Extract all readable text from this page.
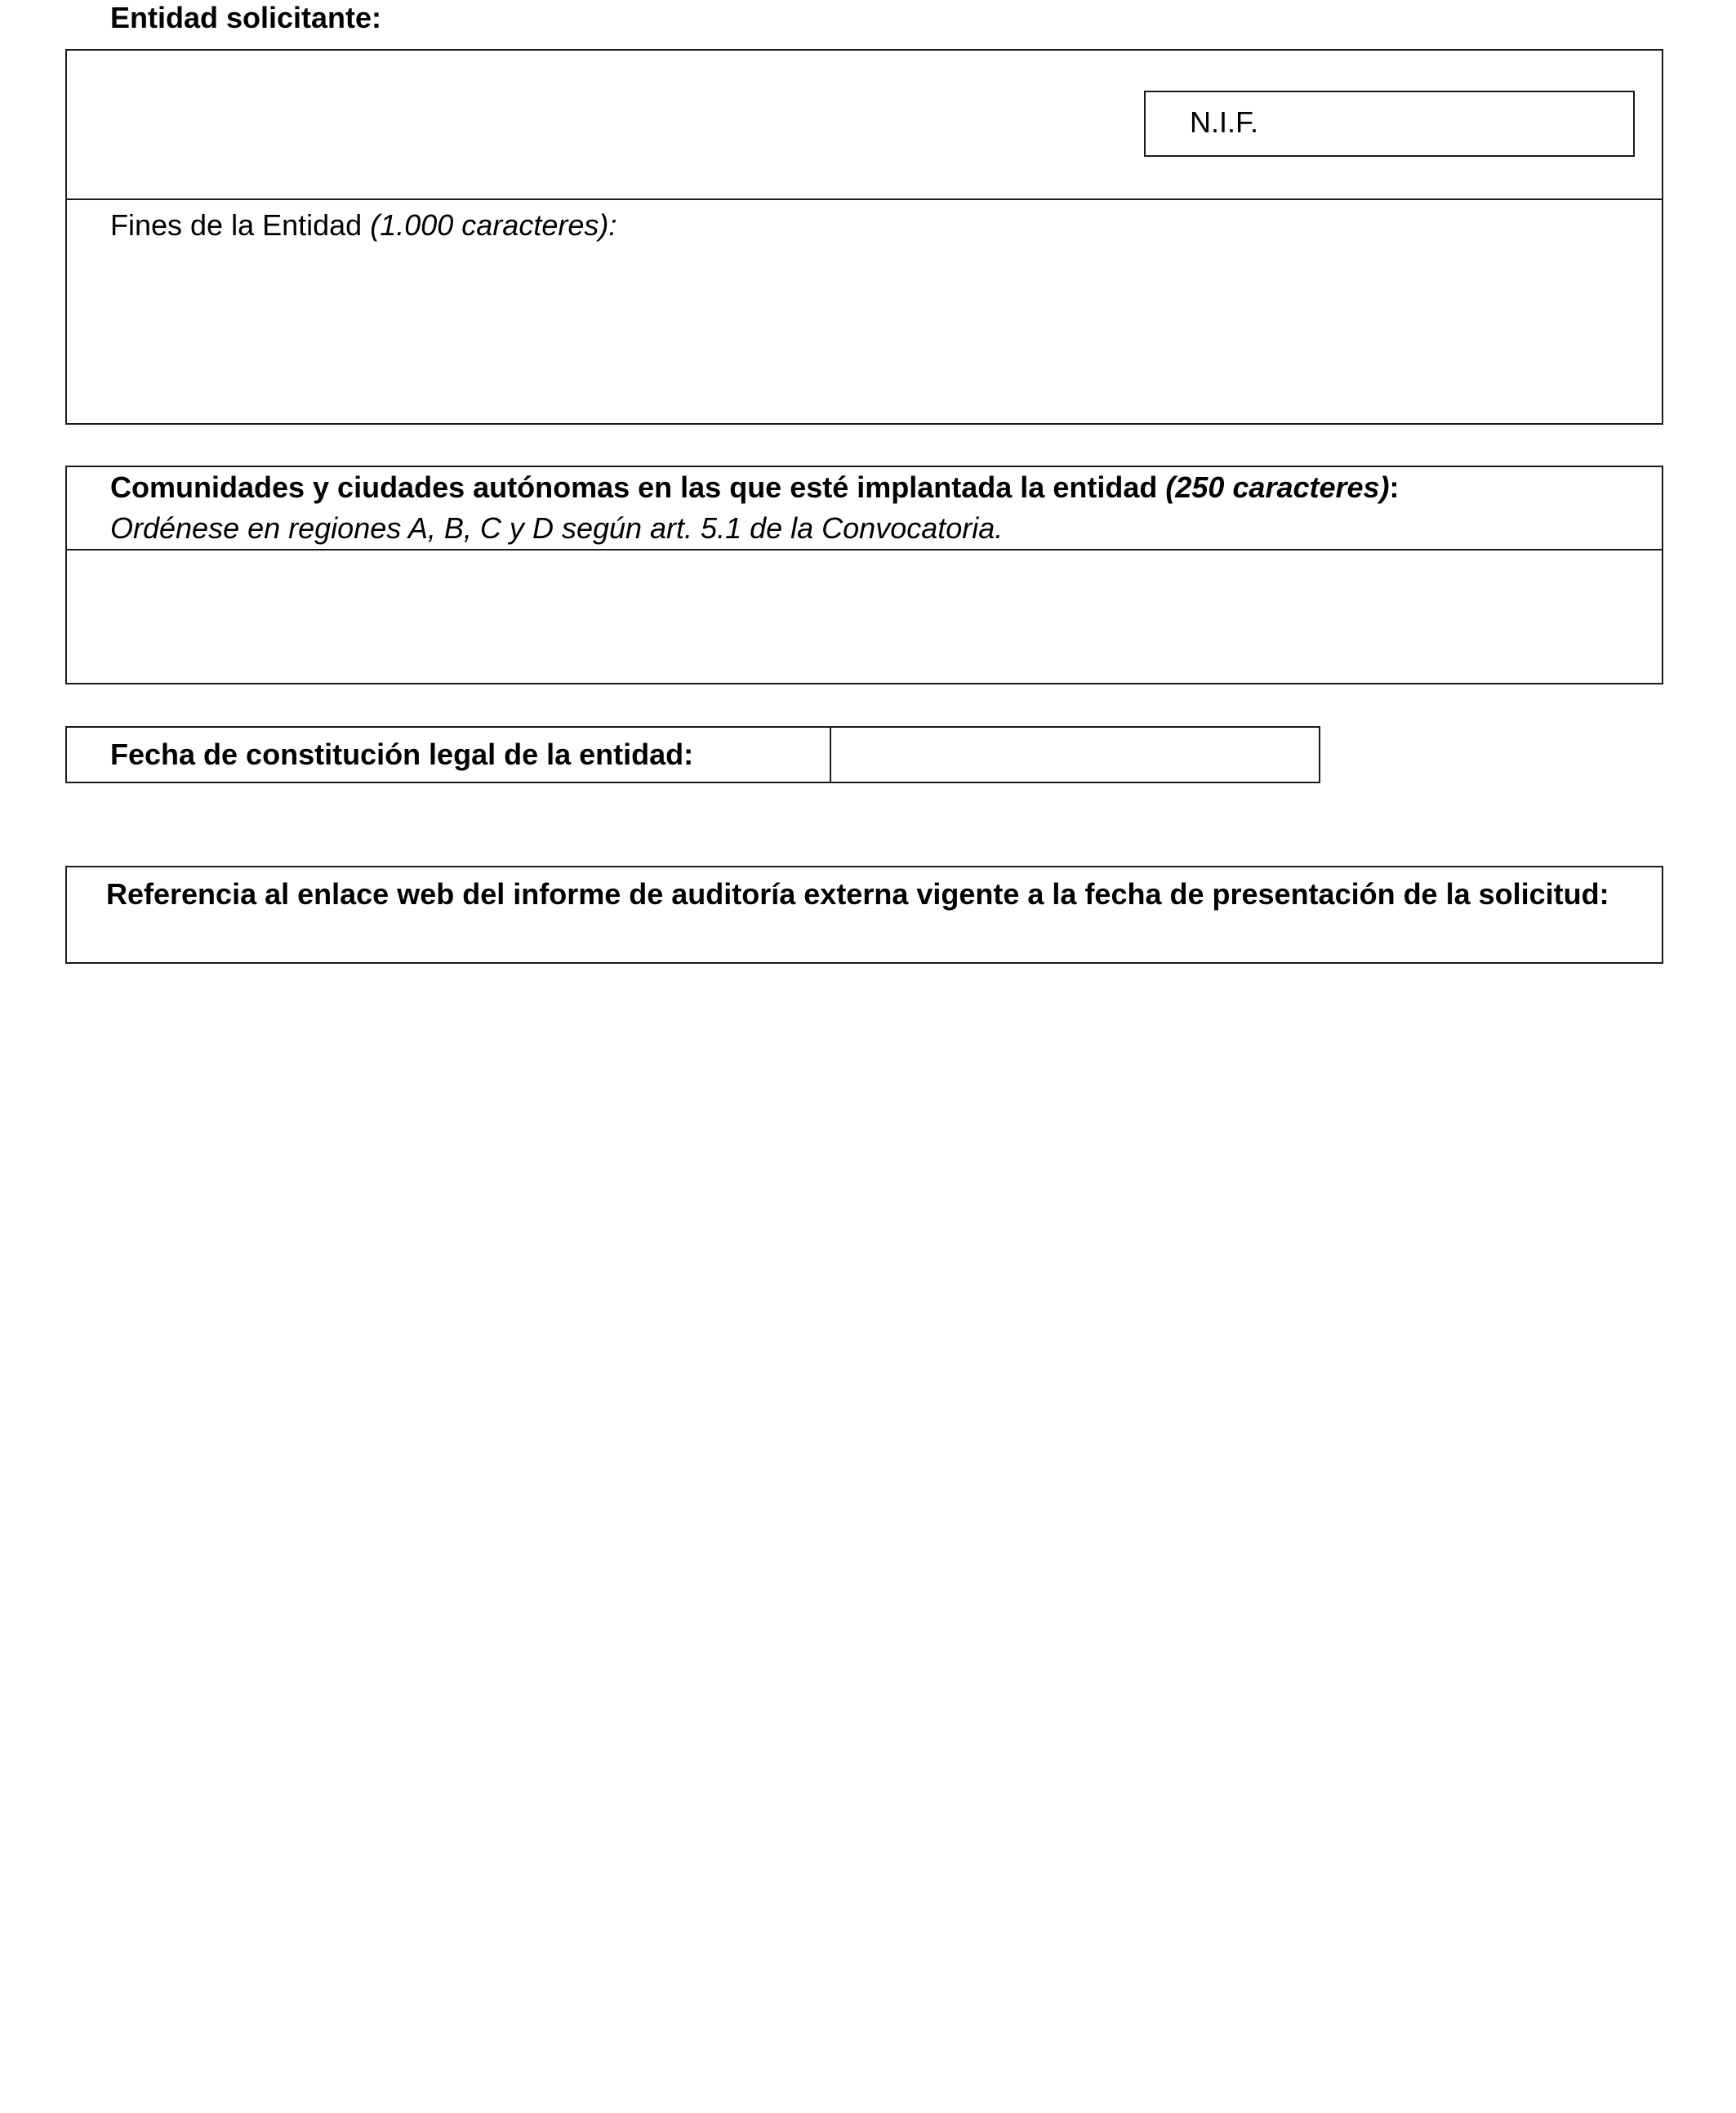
Entidad solicitante:
N.I.F.
Fines de la Entidad (1.000 caracteres):
Comunidades y ciudades autónomas en las que esté implantada la entidad (250 caracteres):
Ordénese en regiones A, B, C y D según art. 5.1 de la Convocatoria.
Fecha de constitución legal de la entidad:
Referencia al enlace web del informe de auditoría externa vigente a la fecha de presentación de la solicitud:
